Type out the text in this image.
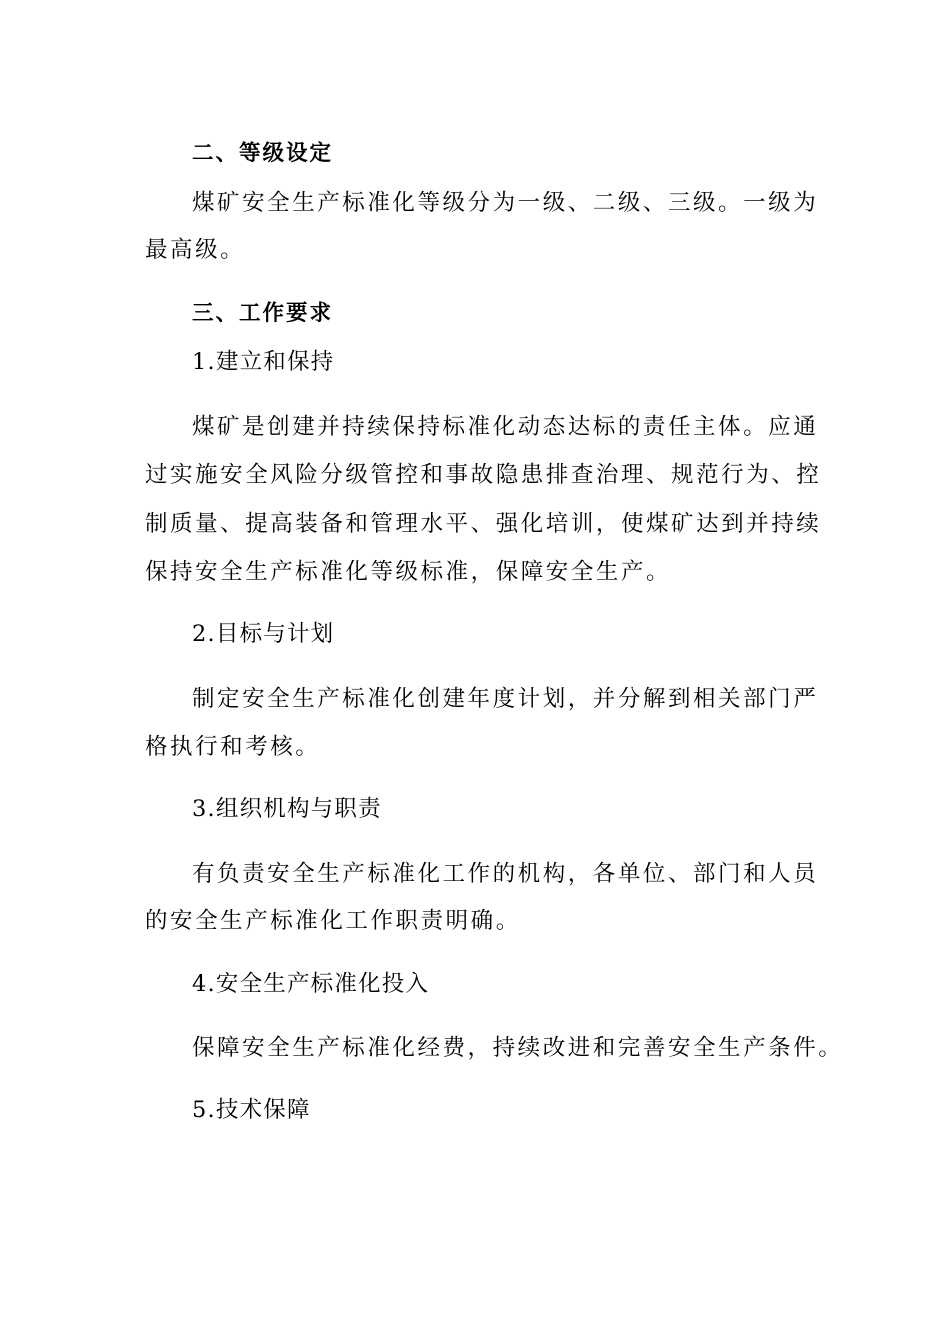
二、等级设定
煤矿安全生产标准化等级分为一级、二级、三级。一级为
最高级。
三、工作要求
1.建立和保持
煤矿是创建并持续保持标准化动态达标的责任主体。应通
过实施安全风险分级管控和事故隐患排查治理、规范行为、控
制质量、提高装备和管理水平、强化培训，使煤矿达到并持续
保持安全生产标准化等级标准，保障安全生产。
2.目标与计划
制定安全生产标准化创建年度计划，并分解到相关部门严
格执行和考核。
3.组织机构与职责
有负责安全生产标准化工作的机构，各单位、部门和人员
的安全生产标准化工作职责明确。
4.安全生产标准化投入
保障安全生产标准化经费，持续改进和完善安全生产条件。
5.技术保障
